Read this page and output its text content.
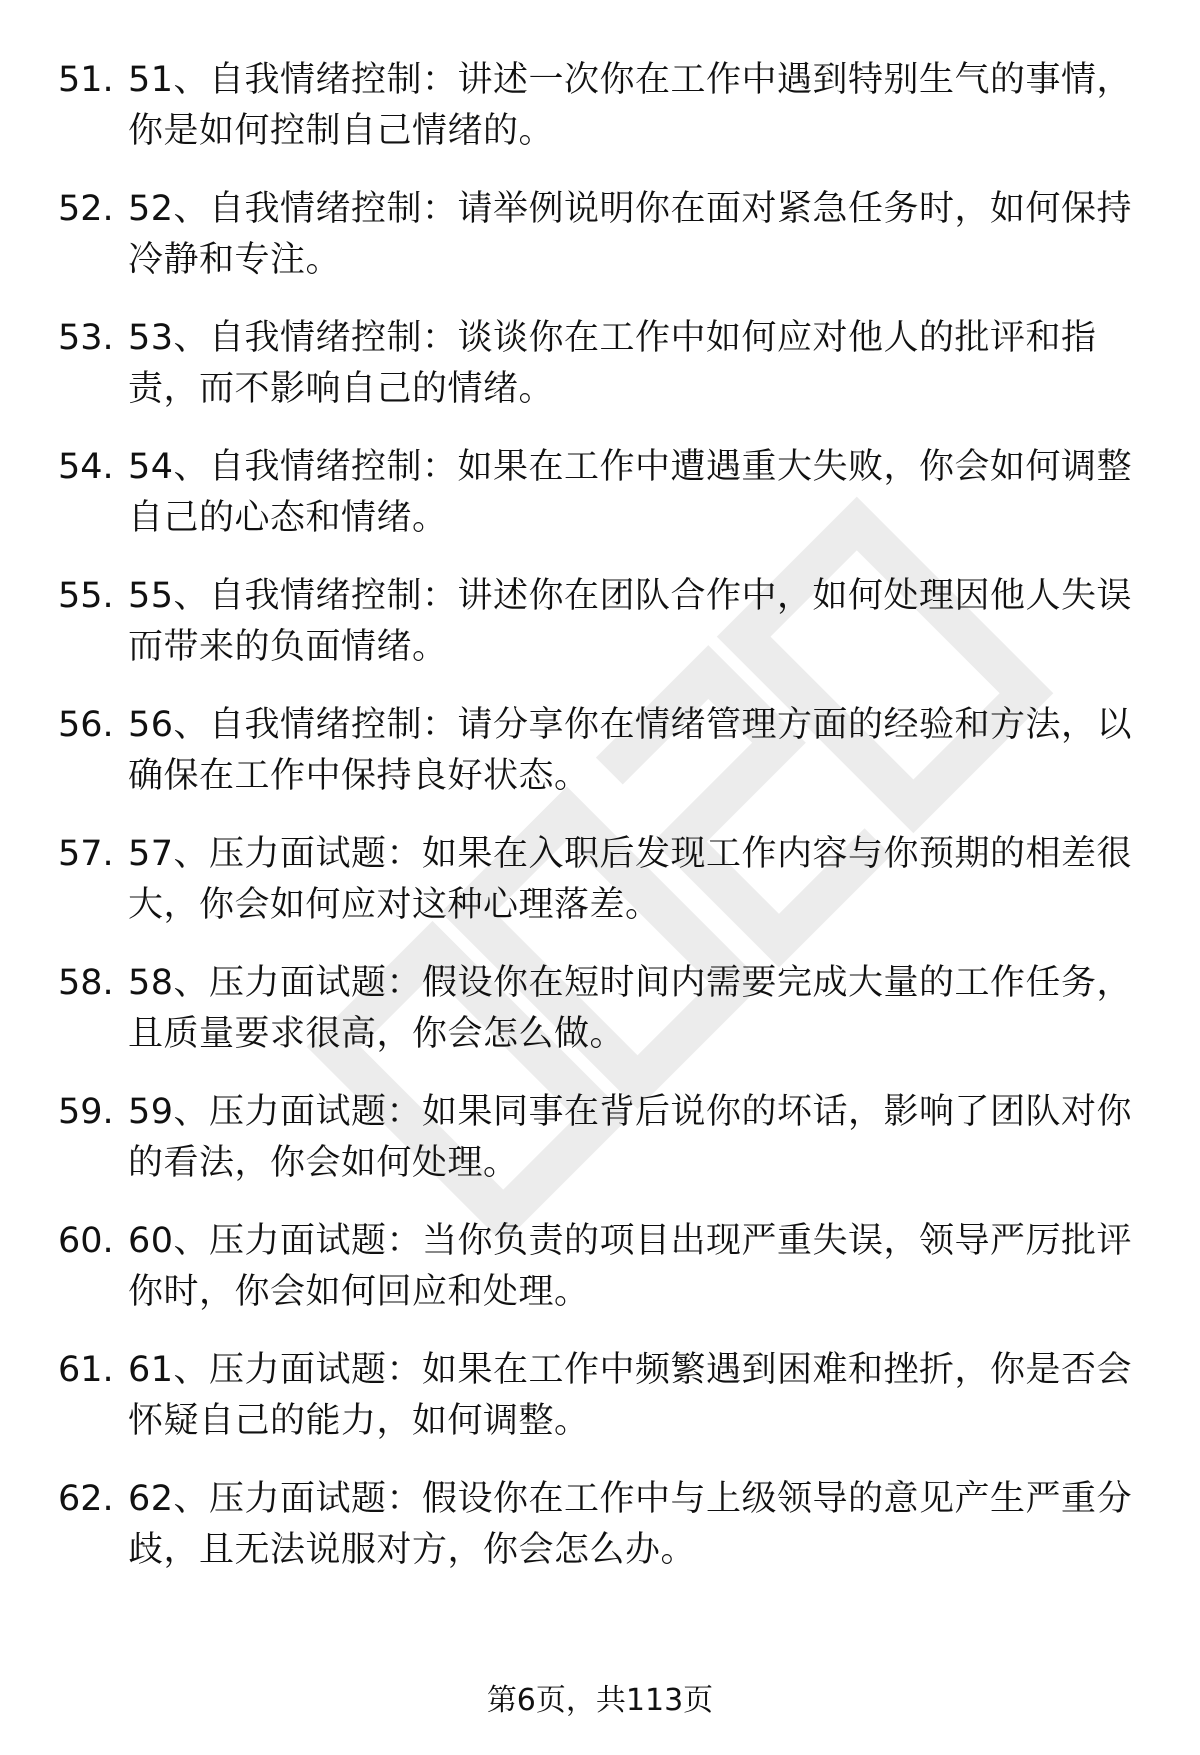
51. 51、自我情绪控制：讲述一次你在工作中遇到特别生气的事情，你是如何控制自己情绪的。
52. 52、自我情绪控制：请举例说明你在面对紧急任务时，如何保持冷静和专注。
53. 53、自我情绪控制：谈谈你在工作中如何应对他人的批评和指责，而不影响自己的情绪。
54. 54、自我情绪控制：如果在工作中遭遇重大失败，你会如何调整自己的心态和情绪。
55. 55、自我情绪控制：讲述你在团队合作中，如何处理因他人失误而带来的负面情绪。
56. 56、自我情绪控制：请分享你在情绪管理方面的经验和方法，以确保在工作中保持良好状态。
57. 57、压力面试题：如果在入职后发现工作内容与你预期的相差很大，你会如何应对这种心理落差。
58. 58、压力面试题：假设你在短时间内需要完成大量的工作任务，且质量要求很高，你会怎么做。
59. 59、压力面试题：如果同事在背后说你的坏话，影响了团队对你的看法，你会如何处理。
60. 60、压力面试题：当你负责的项目出现严重失误，领导严厉批评你时，你会如何回应和处理。
61. 61、压力面试题：如果在工作中频繁遇到困难和挫折，你是否会怀疑自己的能力，如何调整。
62. 62、压力面试题：假设你在工作中与上级领导的意见产生严重分歧，且无法说服对方，你会怎么办。
第6页，共113页
